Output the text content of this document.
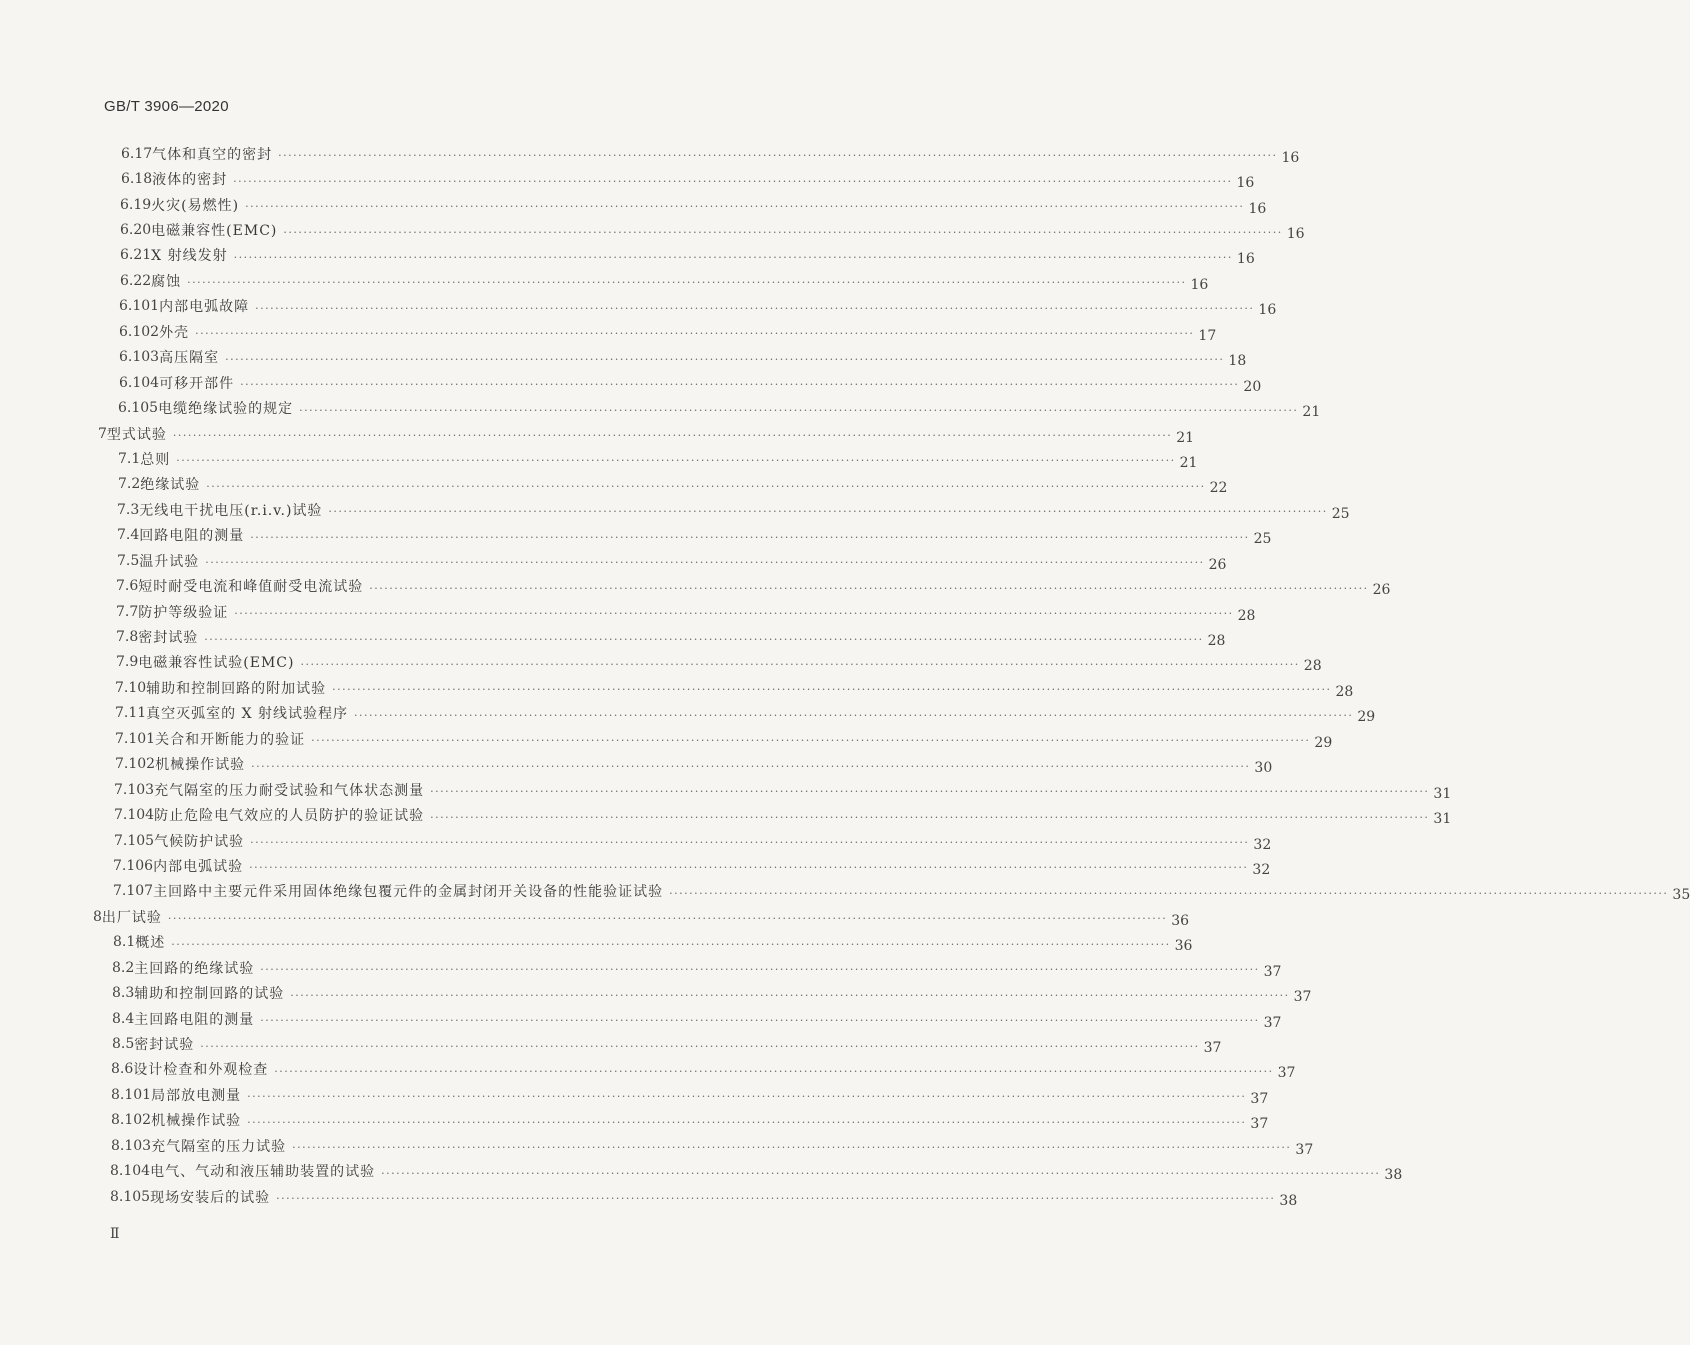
GB/T 3906—2020
6.17 气体和真空的密封 ········································································································································································································ 16
6.18 液体的密封 ········································································································································································································ 16
6.19 火灾(易燃性) ········································································································································································································ 16
6.20 电磁兼容性(EMC) ········································································································································································································ 16
6.21 X 射线发射 ········································································································································································································ 16
6.22 腐蚀 ········································································································································································································ 16
6.101 内部电弧故障 ········································································································································································································ 16
6.102 外壳 ········································································································································································································ 17
6.103 高压隔室 ········································································································································································································ 18
6.104 可移开部件 ········································································································································································································ 20
6.105 电缆绝缘试验的规定 ········································································································································································································ 21
7 型式试验 ········································································································································································································ 21
7.1 总则 ········································································································································································································ 21
7.2 绝缘试验 ········································································································································································································ 22
7.3 无线电干扰电压(r.i.v.)试验 ········································································································································································································ 25
7.4 回路电阻的测量 ········································································································································································································ 25
7.5 温升试验 ········································································································································································································ 26
7.6 短时耐受电流和峰值耐受电流试验 ········································································································································································································ 26
7.7 防护等级验证 ········································································································································································································ 28
7.8 密封试验 ········································································································································································································ 28
7.9 电磁兼容性试验(EMC) ········································································································································································································ 28
7.10 辅助和控制回路的附加试验 ········································································································································································································ 28
7.11 真空灭弧室的 X 射线试验程序 ········································································································································································································ 29
7.101 关合和开断能力的验证 ········································································································································································································ 29
7.102 机械操作试验 ········································································································································································································ 30
7.103 充气隔室的压力耐受试验和气体状态测量 ········································································································································································································ 31
7.104 防止危险电气效应的人员防护的验证试验 ········································································································································································································ 31
7.105 气候防护试验 ········································································································································································································ 32
7.106 内部电弧试验 ········································································································································································································ 32
7.107 主回路中主要元件采用固体绝缘包覆元件的金属封闭开关设备的性能验证试验 ········································································································································································································ 35
8 出厂试验 ········································································································································································································ 36
8.1 概述 ········································································································································································································ 36
8.2 主回路的绝缘试验 ········································································································································································································ 37
8.3 辅助和控制回路的试验 ········································································································································································································ 37
8.4 主回路电阻的测量 ········································································································································································································ 37
8.5 密封试验 ········································································································································································································ 37
8.6 设计检查和外观检查 ········································································································································································································ 37
8.101 局部放电测量 ········································································································································································································ 37
8.102 机械操作试验 ········································································································································································································ 37
8.103 充气隔室的压力试验 ········································································································································································································ 37
8.104 电气、气动和液压辅助装置的试验 ········································································································································································································ 38
8.105 现场安装后的试验 ········································································································································································································ 38
Ⅱ
